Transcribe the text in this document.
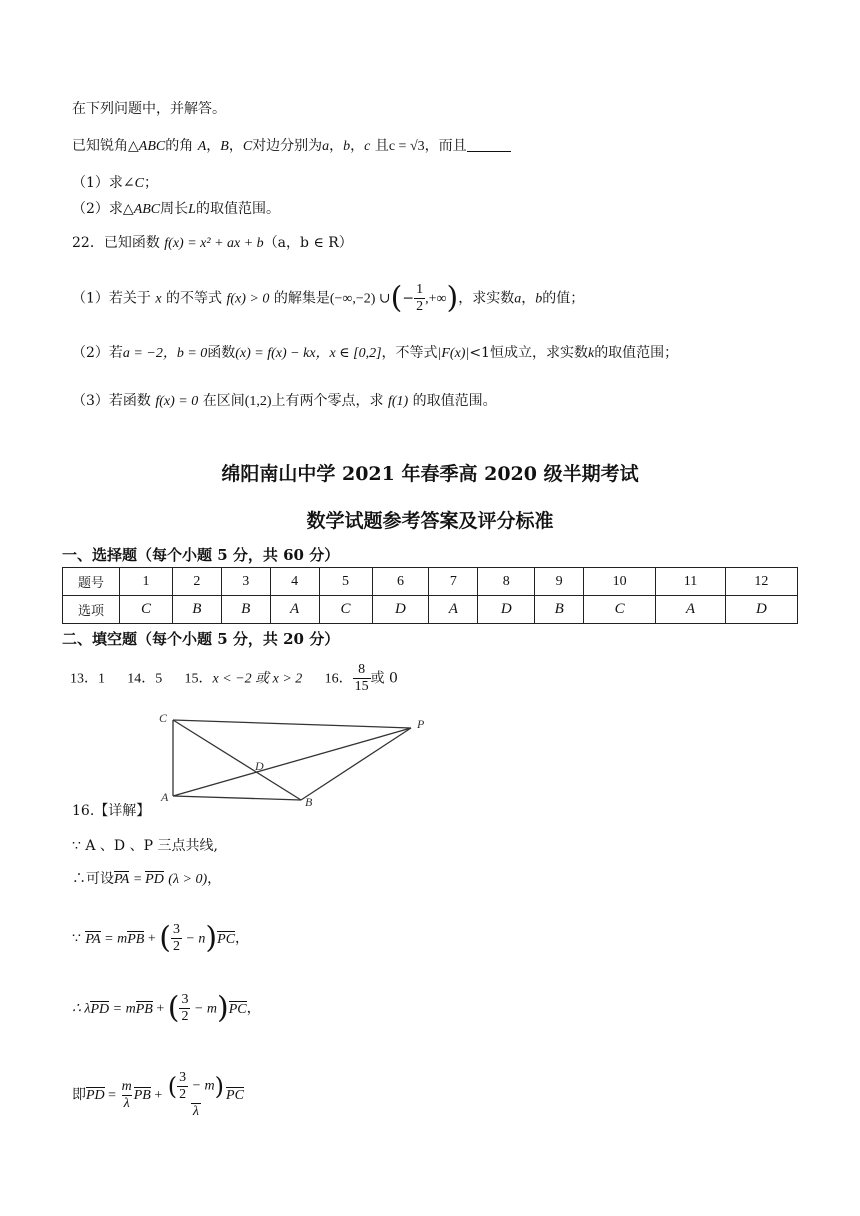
在下列问题中，并解答。
已知锐角△ABC的角 A，B，C对边分别为a，b，c 且c = √3，而且
（1）求∠C；
（2）求△ABC周长L的取值范围。
22．已知函数 f(x) = x² + ax + b（a，b ∈ R）
（1）若关于 x 的不等式 f(x) > 0 的解集是(−∞,−2) ∪(− $\frac{1}{2}$ ,+∞)，求实数a，b的值；
（2）若a = −2，b = 0函数(x) = f(x) − kx，x ∈ [0,2]，不等式|F(x)|<1恒成立，求实数k的取值范围；
（3）若函数 f(x) = 0 在区间(1,2)上有两个零点，求 f(1) 的取值范围。
绵阳南山中学 2021 年春季高 2020 级半期考试
数学试题参考答案及评分标准
一、选择题（每个小题 5 分，共 60 分）
题号	1	2	3	4	5	6	7	8	9	10	11	12
选项	C	B	B	A	C	D	A	D	B	C	A	D
二、填空题（每个小题 5 分，共 20 分）
13．1 14．5 15．x < −2 或 x > 2 16． $\frac{8}{15}$ 或 0
C	P
D
A	B
16.【详解】
∵ A 、D 、P 三点共线,
∴可设PA = PD (λ > 0)，
∵ PA = mPB + ( $\frac{3}{2} - n)PC$，
∴ λPD = mPB + ( $\frac{3}{2} - m)PC$，
即PD = $\frac{m}{\lambda}$ PB + $\frac{( \frac{3}{2} - m)}{\lambda}$ PC
